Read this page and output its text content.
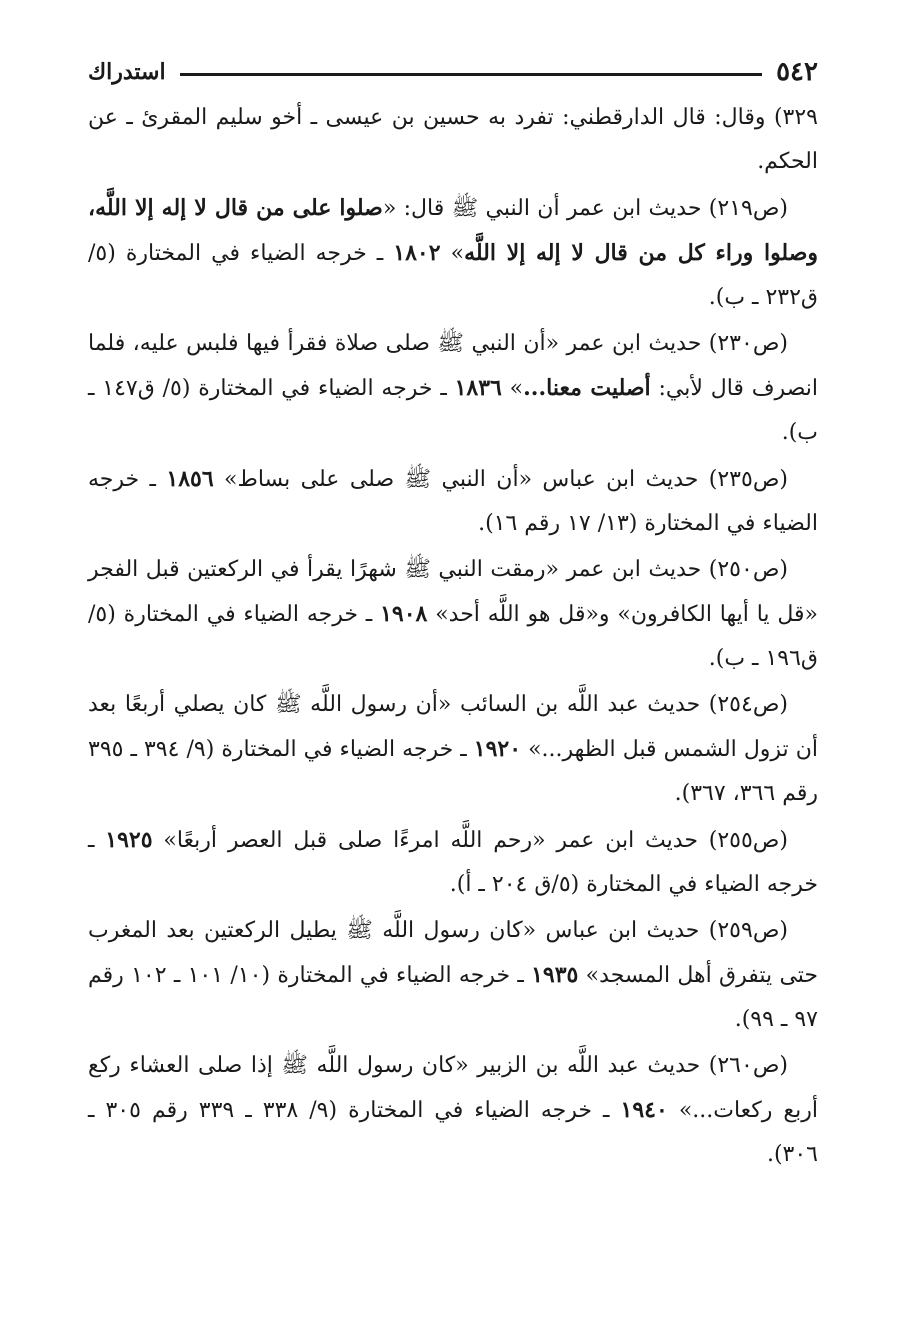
٥٤٢
استدراك

٣٢٩) وقال: قال الدارقطني: تفرد به حسين بن عيسى ـ أخو سليم المقرئ ـ عن الحكم.

(ص٢١٩) حديث ابن عمر أن النبي ﷺ قال: «صلوا على من قال لا إله إلا اللَّه، وصلوا وراء كل من قال لا إله إلا اللَّه» ١٨٠٢ ـ خرجه الضياء في المختارة (٥/ ق٢٣٢ ـ ب).

(ص٢٣٠) حديث ابن عمر «أن النبي ﷺ صلى صلاة فقرأ فيها فلبس عليه، فلما انصرف قال لأبي: أصليت معنا...» ١٨٣٦ ـ خرجه الضياء في المختارة (٥/ ق١٤٧ ـ ب).

(ص٢٣٥) حديث ابن عباس «أن النبي ﷺ صلى على بساط» ١٨٥٦ ـ خرجه الضياء في المختارة (١٣/ ١٧ رقم ١٦).

(ص٢٥٠) حديث ابن عمر «رمقت النبي ﷺ شهرًا يقرأ في الركعتين قبل الفجر «قل يا أيها الكافرون» و«قل هو اللَّه أحد» ١٩٠٨ ـ خرجه الضياء في المختارة (٥/ ق١٩٦ ـ ب).

(ص٢٥٤) حديث عبد اللَّه بن السائب «أن رسول اللَّه ﷺ كان يصلي أربعًا بعد أن تزول الشمس قبل الظهر...» ١٩٢٠ ـ خرجه الضياء في المختارة (٩/ ٣٩٤ ـ ٣٩٥ رقم ٣٦٦، ٣٦٧).

(ص٢٥٥) حديث ابن عمر «رحم اللَّه امرءًا صلى قبل العصر أربعًا» ١٩٢٥ ـ خرجه الضياء في المختارة (٥/ق ٢٠٤ ـ أ).

(ص٢٥٩) حديث ابن عباس «كان رسول اللَّه ﷺ يطيل الركعتين بعد المغرب حتى يتفرق أهل المسجد» ١٩٣٥ ـ خرجه الضياء في المختارة (١٠/ ١٠١ ـ ١٠٢ رقم ٩٧ ـ ٩٩).

(ص٢٦٠) حديث عبد اللَّه بن الزبير «كان رسول اللَّه ﷺ إذا صلى العشاء ركع أربع ركعات...» ١٩٤٠ ـ خرجه الضياء في المختارة (٩/ ٣٣٨ ـ ٣٣٩ رقم ٣٠٥ ـ ٣٠٦).
